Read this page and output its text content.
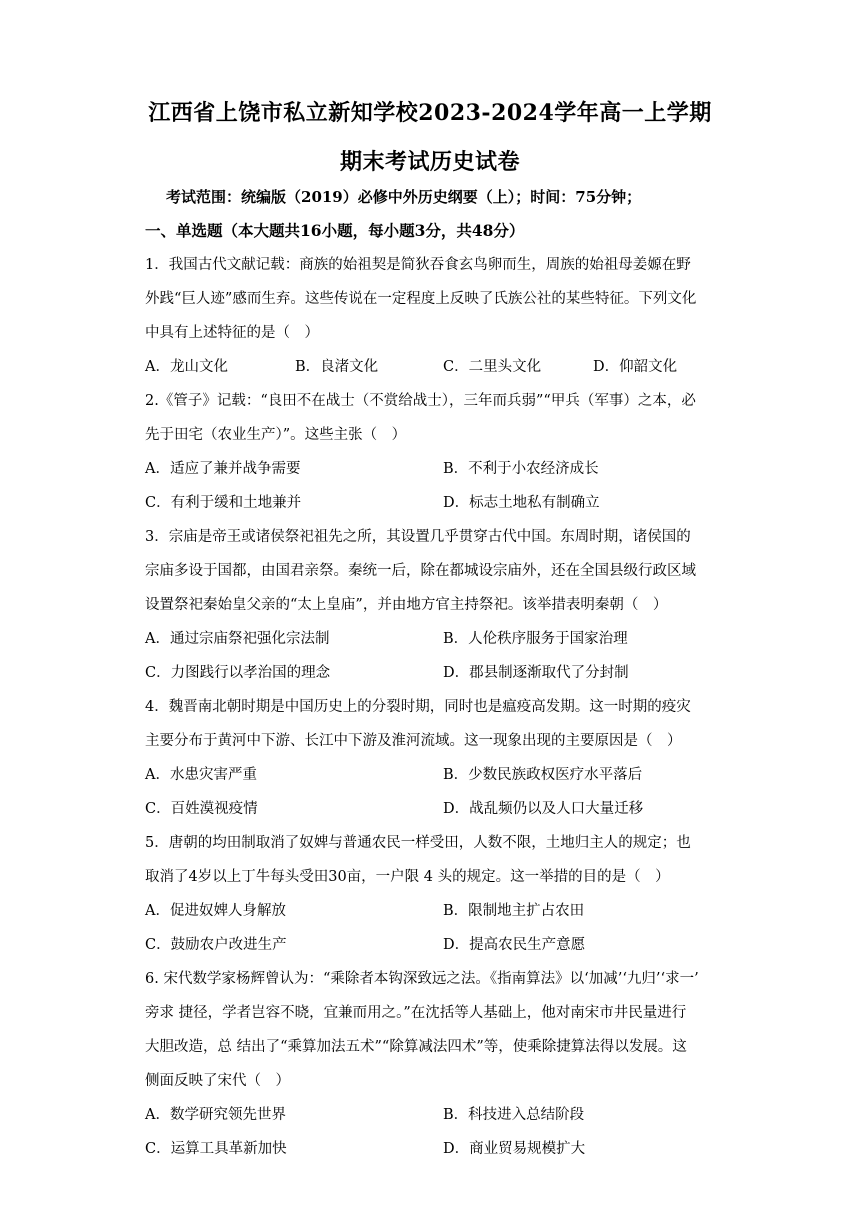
江西省上饶市私立新知学校2023-2024学年高一上学期
期末考试历史试卷
考试范围：统编版（2019）必修中外历史纲要（上）；时间：75分钟；
一、单选题（本大题共16小题，每小题3分，共48分）
1．我国古代文献记载：商族的始祖契是简狄吞食玄鸟卵而生，周族的始祖母姜嫄在野
外践“巨人迹”感而生弃。这些传说在一定程度上反映了氏族公社的某些特征。下列文化
中具有上述特征的是（　）
A．龙山文化	B．良渚文化	C．二里头文化	D．仰韶文化
2.《管子》记载：“良田不在战士（不赏给战士），三年而兵弱”“甲兵（军事）之本，必
先于田宅（农业生产）”。这些主张（　）
A．适应了兼并战争需要	B．不利于小农经济成长
C．有利于缓和土地兼并	D．标志土地私有制确立
3．宗庙是帝王或诸侯祭祀祖先之所，其设置几乎贯穿古代中国。东周时期，诸侯国的
宗庙多设于国都，由国君亲祭。秦统一后，除在都城设宗庙外，还在全国县级行政区域
设置祭祀秦始皇父亲的“太上皇庙”，并由地方官主持祭祀。该举措表明秦朝（　）
A．通过宗庙祭祀强化宗法制	B．人伦秩序服务于国家治理
C．力图践行以孝治国的理念	D．郡县制逐渐取代了分封制
4．魏晋南北朝时期是中国历史上的分裂时期，同时也是瘟疫高发期。这一时期的疫灾
主要分布于黄河中下游、长江中下游及淮河流域。这一现象出现的主要原因是（　）
A．水患灾害严重	B．少数民族政权医疗水平落后
C．百姓漠视疫情	D．战乱频仍以及人口大量迁移
5．唐朝的均田制取消了奴婢与普通农民一样受田，人数不限，土地归主人的规定；也
取消了4岁以上丁牛每头受田30亩，一户限 4 头的规定。这一举措的目的是（　）
A．促进奴婢人身解放	B．限制地主扩占农田
C．鼓励农户改进生产	D．提高农民生产意愿
6. 宋代数学家杨辉曾认为：“乘除者本钩深致远之法。《指南算法》以‘加减’‘九归’‘求一’
旁求 捷径，学者岂容不晓，宜兼而用之。”在沈括等人基础上，他对南宋市井民量进行
大胆改造，总 结出了“乘算加法五术”“除算减法四术”等，使乘除捷算法得以发展。这
侧面反映了宋代（　）
A．数学研究领先世界	B．科技进入总结阶段
C．运算工具革新加快	D．商业贸易规模扩大
